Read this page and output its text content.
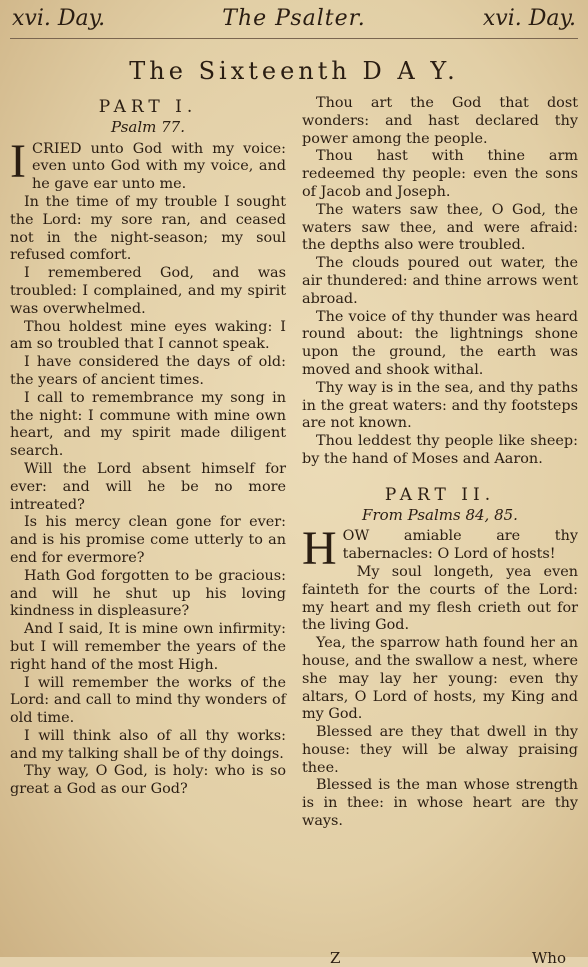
xvi. Day.	The Psalter.	xvi. Day.
The Sixteenth D A Y.
PART I.
Psalm 77.

ICRIED unto God with my voice: even unto God with my voice, and he gave ear unto me.

In the time of my trouble I sought the Lord: my sore ran, and ceased not in the night-season; my soul refused comfort.

I remembered God, and was troubled: I complained, and my spirit was overwhelmed.

Thou holdest mine eyes waking: I am so troubled that I cannot speak.

I have considered the days of old: the years of ancient times.

I call to remembrance my song in the night: I commune with mine own heart, and my spirit made diligent search.

Will the Lord absent himself for ever: and will he be no more intreated?

Is his mercy clean gone for ever: and is his promise come utterly to an end for evermore?

Hath God forgotten to be gracious: and will he shut up his loving kindness in displeasure?

And I said, It is mine own infirmity: but I will remember the years of the right hand of the most High.

I will remember the works of the Lord: and call to mind thy wonders of old time.

I will think also of all thy works: and my talking shall be of thy doings.

Thy way, O God, is holy: who is so great a God as our God?

Thou art the God that dost wonders: and hast declared thy power among the people.

Thou hast with thine arm redeemed thy people: even the sons of Jacob and Joseph.

The waters saw thee, O God, the waters saw thee, and were afraid: the depths also were troubled.

The clouds poured out water, the air thundered: and thine arrows went abroad.

The voice of thy thunder was heard round about: the lightnings shone upon the ground, the earth was moved and shook withal.

Thy way is in the sea, and thy paths in the great waters: and thy footsteps are not known.

Thou leddest thy people like sheep: by the hand of Moses and Aaron.

PART II.
From Psalms 84, 85.

HOW amiable are thy tabernacles: O Lord of hosts!

My soul longeth, yea even fainteth for the courts of the Lord: my heart and my flesh crieth out for the living God.

Yea, the sparrow hath found her an house, and the swallow a nest, where she may lay her young: even thy altars, O Lord of hosts, my King and my God.

Blessed are they that dwell in thy house: they will be alway praising thee.

Blessed is the man whose strength is in thee: in whose heart are thy ways.

Z	Who
